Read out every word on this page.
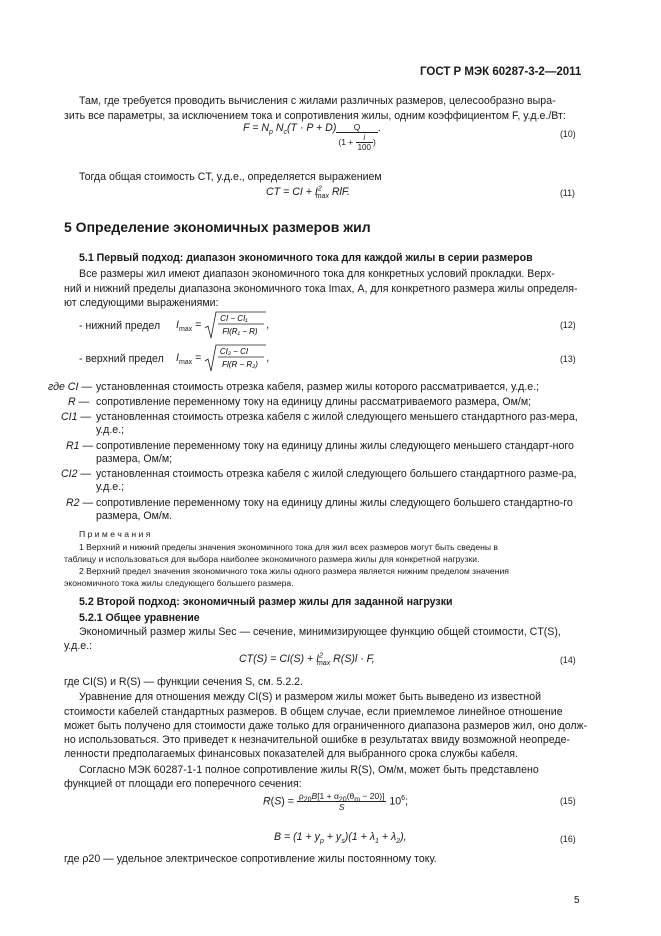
ГОСТ Р МЭК 60287-3-2—2011
Там, где требуется проводить вычисления с жилами различных размеров, целесообразно выра-
зить все параметры, за исключением тока и сопротивления жилы, одним коэффициентом F, у.д.е./Вт:
$F = N_p$ $N_c(T \cdot P + D) \frac{Q}{(1 + \frac{i}{100} )}$ .	(10)
Тогда общая стоимость CT, у.д.е., определяется выражением
CT = CI + $I^2_{max}$ RlF.	(11)
5 Определение экономичных размеров жил
5.1 Первый подход: диапазон экономичного тока для каждой жилы в серии размеров
Все размеры жил имеют диапазон экономичного тока для конкретных условий прокладки. Верх-
ний и нижний пределы диапазона экономичного тока Imax, А, для конкретного размера жилы определя-
ют следующими выражениями:
- нижний предел $I_{max}$ =
CI − CI₁
Fl(R₁ − R)
,	(12)
- верхний предел $I_{max}$ =
CI₂ − CI
Fl(R − R₂)
,	(13)
где CI — установленная стоимость отрезка кабеля, размер жилы которого рассматривается, у.д.е.;
R — сопротивление переменному току на единицу длины рассматриваемого размера, Ом/м;
CI1 — установленная стоимость отрезка кабеля с жилой следующего меньшего стандартного раз-мера, у.д.е.;
R1 — сопротивление переменному току на единицу длины жилы следующего меньшего стандарт-ного размера, Ом/м;
CI2 — установленная стоимость отрезка кабеля с жилой следующего большего стандартного разме-ра, у.д.е.;
R2 — сопротивление переменному току на единицу длины жилы следующего большего стандартно-го размера, Ом/м.
П р и м е ч а н и я
1 Верхний и нижний пределы значения экономичного тока для жил всех размеров могут быть сведены в
таблицу и использоваться для выбора наиболее экономичного размера жилы для конкретной нагрузки.
2 Верхний предел значения экономичного тока жилы одного размера является нижним пределом значения
экономичного тока жилы следующего большего размера.
5.2 Второй подход: экономичный размер жилы для заданной нагрузки
5.2.1 Общее уравнение
Экономичный размер жилы Sec — сечение, минимизирующее функцию общей стоимости, CT(S),
у.д.е.:
$CT(S) = CI(S) + I^2_{max}$ R(S)l · F,	(14)
где CI(S) и R(S) — функции сечения S, см. 5.2.2.
Уравнение для отношения между CI(S) и размером жилы может быть выведено из известной
стоимости кабелей стандартных размеров. В общем случае, если приемлемое линейное отношение
может быть получено для стоимости даже только для ограниченного диапазона размеров жил, оно долж-
но использоваться. Это приведет к незначительной ошибке в результатах ввиду возможной неопреде-
ленности предполагаемых финансовых показателей для выбранного срока службы кабеля.
Согласно МЭК 60287-1-1 полное сопротивление жилы R(S), Ом/м, может быть представлено
функцией от площади его поперечного сечения:
$R(S) = \frac{\rho_{20}B[1 + \alpha_{20}(\theta_m - 20)]}{S} 10^6$;	(15)
$B = (1 + y_p + y_s)(1 + \lambda_1 + \lambda_2)$,	(16)
где ρ20 — удельное электрическое сопротивление жилы постоянному току.
5
